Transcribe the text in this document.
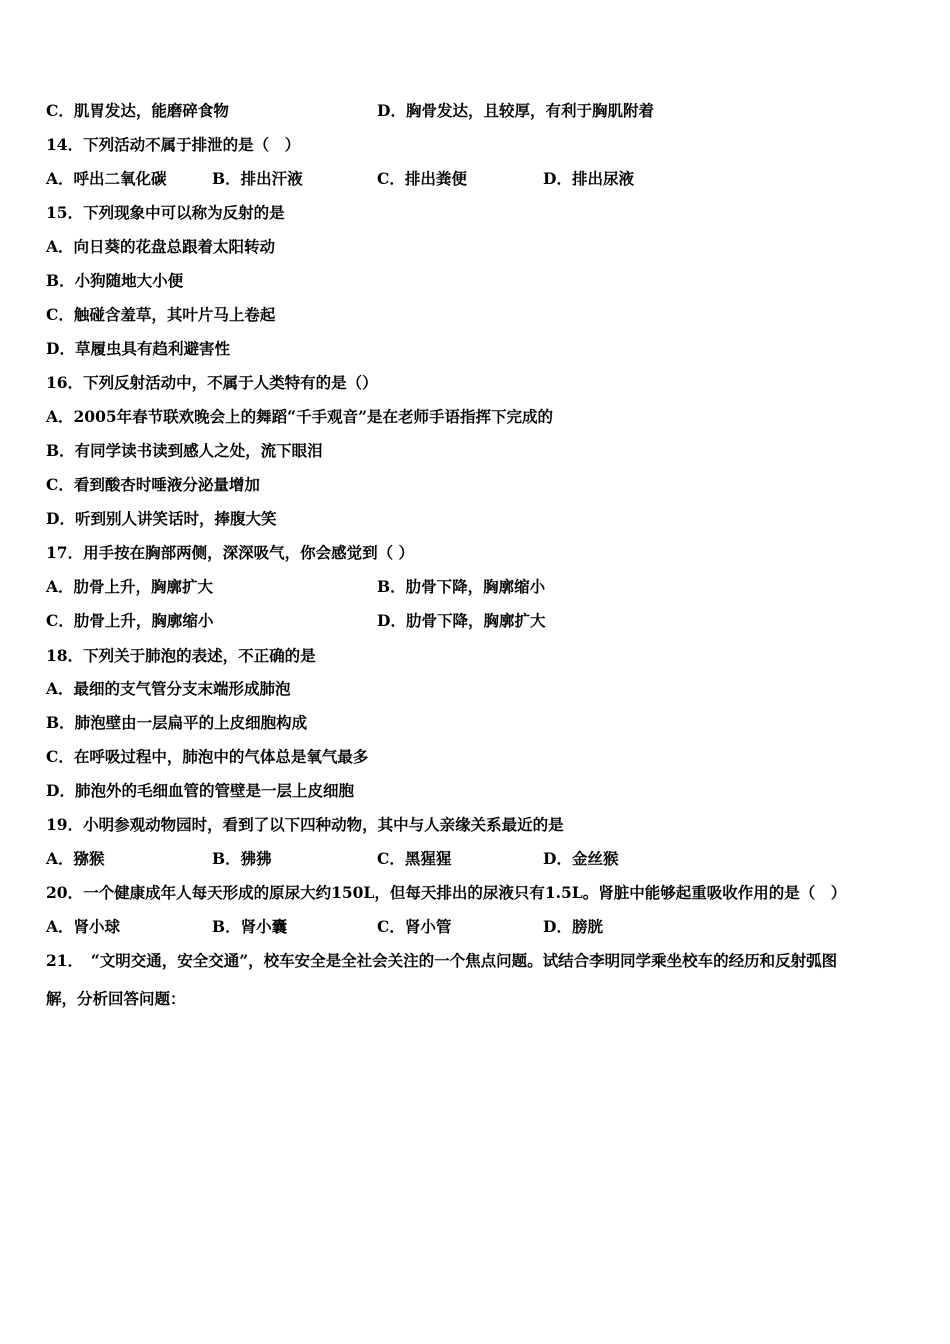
C．肌胃发达，能磨碎食物	D．胸骨发达，且较厚，有利于胸肌附着
14．下列活动不属于排泄的是（　）
A．呼出二氧化碳	B．排出汗液	C．排出粪便	D．排出尿液
15．下列现象中可以称为反射的是
A．向日葵的花盘总跟着太阳转动
B．小狗随地大小便
C．触碰含羞草，其叶片马上卷起
D．草履虫具有趋利避害性
16．下列反射活动中，不属于人类特有的是（）
A．2005年春节联欢晚会上的舞蹈“千手观音”是在老师手语指挥下完成的
B．有同学读书读到感人之处，流下眼泪
C．看到酸杏时唾液分泌量增加
D．听到别人讲笑话时，捧腹大笑
17．用手按在胸部两侧，深深吸气，你会感觉到（ ）
A．肋骨上升，胸廓扩大	B．肋骨下降，胸廓缩小
C．肋骨上升，胸廓缩小	D．肋骨下降，胸廓扩大
18．下列关于肺泡的表述，不正确的是
A．最细的支气管分支末端形成肺泡
B．肺泡壁由一层扁平的上皮细胞构成
C．在呼吸过程中，肺泡中的气体总是氧气最多
D．肺泡外的毛细血管的管壁是一层上皮细胞
19．小明参观动物园时，看到了以下四种动物，其中与人亲缘关系最近的是
A．猕猴	B．狒狒	C．黑猩猩	D．金丝猴
20．一个健康成年人每天形成的原尿大约150L，但每天排出的尿液只有1.5L。肾脏中能够起重吸收作用的是（　）
A．肾小球	B．肾小囊	C．肾小管	D．膀胱
21．　“文明交通，安全交通”，校车安全是全社会关注的一个焦点问题。试结合李明同学乘坐校车的经历和反射弧图
解，分析回答问题：
